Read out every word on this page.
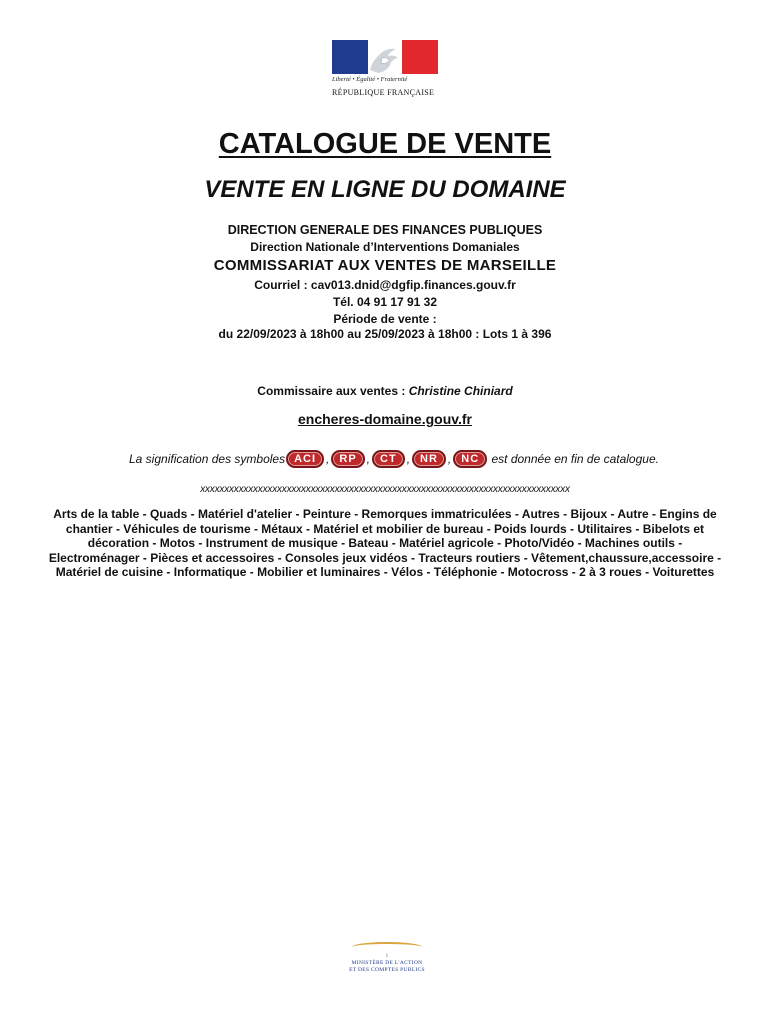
Liberté • Égalité • Fraternité
RÉPUBLIQUE FRANÇAISE
CATALOGUE DE VENTE
VENTE EN LIGNE DU DOMAINE
DIRECTION GENERALE DES FINANCES PUBLIQUES
Direction Nationale d’Interventions Domaniales
COMMISSARIAT AUX VENTES DE MARSEILLE
Courriel : cav013.dnid@dgfip.finances.gouv.fr
Tél. 04 91 17 91 32
Période de vente :
du 22/09/2023 à 18h00 au 25/09/2023 à 18h00 : Lots 1 à 396
Commissaire aux ventes : Christine Chiniard
encheres-domaine.gouv.fr
La signification des symboles ACI , RP , CT , NR , NC est donnée en fin de catalogue.
xxxxxxxxxxxxxxxxxxxxxxxxxxxxxxxxxxxxxxxxxxxxxxxxxxxxxxxxxxxxxxxxxxxxxxxxxxxxx
Arts de la table - Quads - Matériel d'atelier - Peinture - Remorques immatriculées - Autres - Bijoux - Autre - Engins de chantier - Véhicules de tourisme - Métaux - Matériel et mobilier de bureau - Poids lourds - Utilitaires - Bibelots et décoration - Motos - Instrument de musique - Bateau - Matériel agricole - Photo/Vidéo - Machines outils - Electroménager - Pièces et accessoires - Consoles jeux vidéos - Tracteurs routiers - Vêtement,chaussure,accessoire - Matériel de cuisine - Informatique - Mobilier et luminaires - Vélos - Téléphonie - Motocross - 2 à 3 roues - Voiturettes
1
MINISTÈRE DE L'ACTION
ET DES COMPTES PUBLICS
